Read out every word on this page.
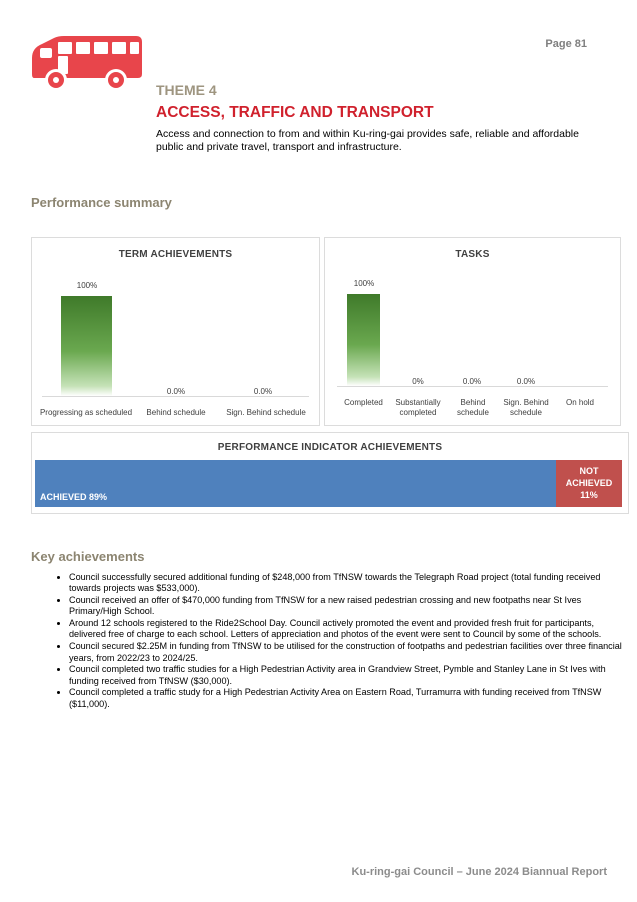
Page 81
THEME 4
ACCESS, TRAFFIC AND TRANSPORT
Access and connection to from and within Ku-ring-gai provides safe, reliable and affordable public and private travel, transport and infrastructure.
Performance summary
TERM ACHIEVEMENTS
100%
0.0%	0.0%
Progressing as scheduled	Behind schedule	Sign. Behind schedule
TASKS
100%
0%	0.0%	0.0%
Completed	Substantially completed
Behind schedule
Sign. Behind schedule
On hold
PERFORMANCE INDICATOR ACHIEVEMENTS
ACHIEVED 89%
NOT
ACHIEVED
11%
Key achievements
• Council successfully secured additional funding of $248,000 from TfNSW towards the Telegraph Road project (total funding received towards projects was $533,000).
• Council received an offer of $470,000 funding from TfNSW for a new raised pedestrian crossing and new footpaths near St Ives Primary/High School.
• Around 12 schools registered to the Ride2School Day. Council actively promoted the event and provided fresh fruit for participants, delivered free of charge to each school. Letters of appreciation and photos of the event were sent to Council by some of the schools.
• Council secured $2.25M in funding from TfNSW to be utilised for the construction of footpaths and pedestrian facilities over three financial years, from 2022/23 to 2024/25.
• Council completed two traffic studies for a High Pedestrian Activity area in Grandview Street, Pymble and Stanley Lane in St Ives with funding received from TfNSW ($30,000).
• Council completed a traffic study for a High Pedestrian Activity Area on Eastern Road, Turramurra with funding received from TfNSW ($11,000).
Ku-ring-gai Council – June 2024 Biannual Report
